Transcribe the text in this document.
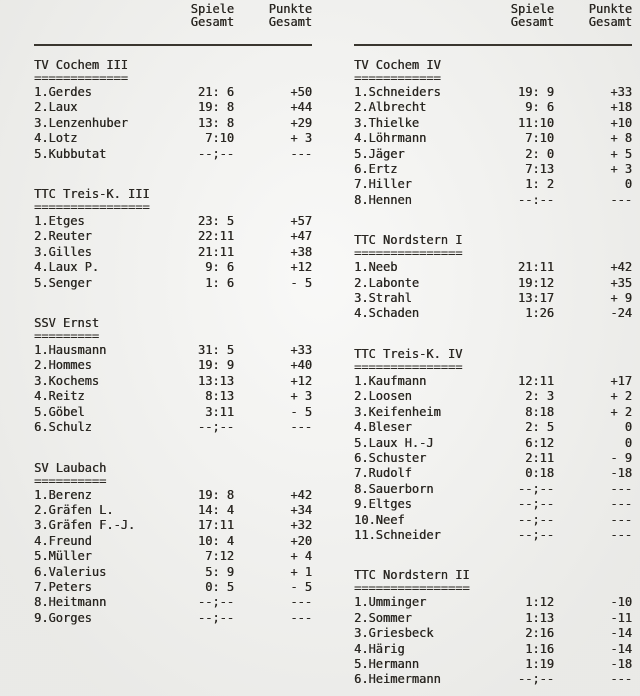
Spiele	Punkte
Gesamt	Gesamt
TV Cochem III
=============
1.Gerdes	21: 6	+50
2.Laux	19: 8	+44
3.Lenzenhuber	13: 8	+29
4.Lotz	7:10	+ 3
5.Kubbutat	--;--	---
TTC Treis-K. III
================
1.Etges	23: 5	+57
2.Reuter	22:11	+47
3.Gilles	21:11	+38
4.Laux P.	9: 6	+12
5.Senger	1: 6	- 5
SSV Ernst
=========
1.Hausmann	31: 5	+33
2.Hommes	19: 9	+40
3.Kochems	13:13	+12
4.Reitz	8:13	+ 3
5.Göbel	3:11	- 5
6.Schulz	--;--	---
SV Laubach
==========
1.Berenz	19: 8	+42
2.Gräfen L.	14: 4	+34
3.Gräfen F.-J.	17:11	+32
4.Freund	10: 4	+20
5.Müller	7:12	+ 4
6.Valerius	5: 9	+ 1
7.Peters	0: 5	- 5
8.Heitmann	--;--	---
9.Gorges	--;--	---
Spiele	Punkte
Gesamt	Gesamt
TV Cochem IV
============
1.Schneiders	19: 9	+33
2.Albrecht	9: 6	+18
3.Thielke	11:10	+10
4.Löhrmann	7:10	+ 8
5.Jäger	2: 0	+ 5
6.Ertz	7:13	+ 3
7.Hiller	1: 2	0
8.Hennen	--:--	---
TTC Nordstern I
===============
1.Neeb	21:11	+42
2.Labonte	19:12	+35
3.Strahl	13:17	+ 9
4.Schaden	1:26	-24
TTC Treis-K. IV
===============
1.Kaufmann	12:11	+17
2.Loosen	2: 3	+ 2
3.Keifenheim	8:18	+ 2
4.Bleser	2: 5	0
5.Laux H.-J	6:12	0
6.Schuster	2:11	- 9
7.Rudolf	0:18	-18
8.Sauerborn	--;--	---
9.Eltges	--;--	---
10.Neef	--;--	---
11.Schneider	--;--	---
TTC Nordstern II
================
1.Umminger	1:12	-10
2.Sommer	1:13	-11
3.Griesbeck	2:16	-14
4.Härig	1:16	-14
5.Hermann	1:19	-18
6.Heimermann	--;--	---
